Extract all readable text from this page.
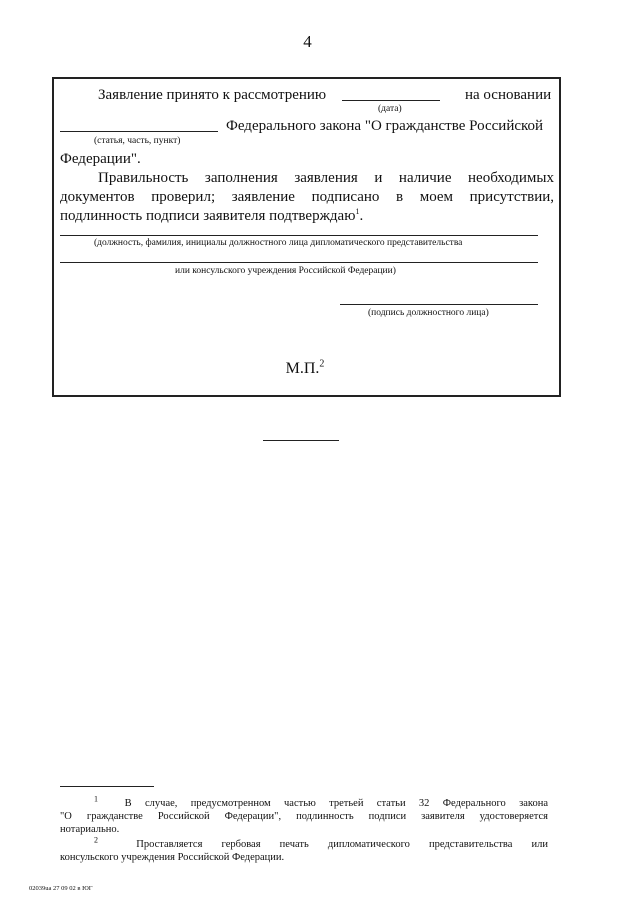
4
Заявление принято к рассмотрению	на основании
(дата)
Федерального закона "О гражданстве Российской
(статья, часть, пункт)
Федерации".
Правильность заполнения заявления и наличие необходимых
документов проверил; заявление подписано в моем присутствии,
подлинность подписи заявителя подтверждаю$^1$.
(должность, фамилия, инициалы должностного лица дипломатического представительства
или консульского учреждения Российской Федерации)
(подпись должностного лица)
М.П.$^2$
$^1$	В случае, предусмотренном частью третьей статьи 32 Федерального закона
"О гражданстве Российской Федерации", подлинность подписи заявителя удостоверяется
нотариально.
$^2$	Проставляется гербовая печать дипломатического представительства или
консульского учреждения Российской Федерации.
02039ua 27 09 02 в ЮГ
